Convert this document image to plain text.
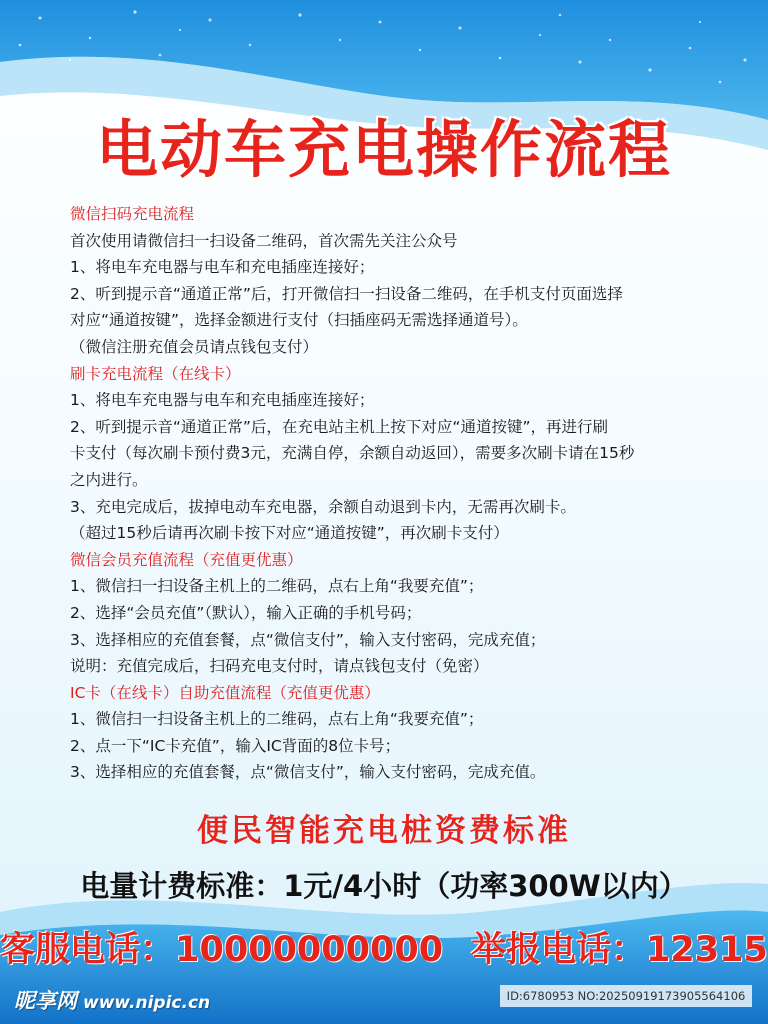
电动车充电操作流程
微信扫码充电流程
首次使用请微信扫一扫设备二维码，首次需先关注公众号
1、将电车充电器与电车和充电插座连接好；
2、听到提示音“通道正常”后，打开微信扫一扫设备二维码，在手机支付页面选择
对应“通道按键”，选择金额进行支付（扫插座码无需选择通道号）。
（微信注册充值会员请点钱包支付）
刷卡充电流程（在线卡）
1、将电车充电器与电车和充电插座连接好；
2、听到提示音“通道正常”后，在充电站主机上按下对应“通道按键”，再进行刷
卡支付（每次刷卡预付费3元，充满自停，余额自动返回），需要多次刷卡请在15秒
之内进行。
3、充电完成后，拔掉电动车充电器，余额自动退到卡内，无需再次刷卡。
（超过15秒后请再次刷卡按下对应“通道按键”，再次刷卡支付）
微信会员充值流程（充值更优惠）
1、微信扫一扫设备主机上的二维码，点右上角“我要充值”；
2、选择“会员充值”（默认），输入正确的手机号码；
3、选择相应的充值套餐，点“微信支付”，输入支付密码，完成充值；
说明：充值完成后，扫码充电支付时，请点钱包支付（免密）
IC卡（在线卡）自助充值流程（充值更优惠）
1、微信扫一扫设备主机上的二维码，点右上角“我要充值”；
2、点一下“IC卡充值”，输入IC背面的8位卡号；
3、选择相应的充值套餐，点“微信支付”，输入支付密码，完成充值。
便民智能充电桩资费标准
电量计费标准：1元/4小时（功率300W以内）
客服电话：10000000000 举报电话：12315
昵享网 www.nipic.cn	ID:6780953 NO:20250919173905564106
